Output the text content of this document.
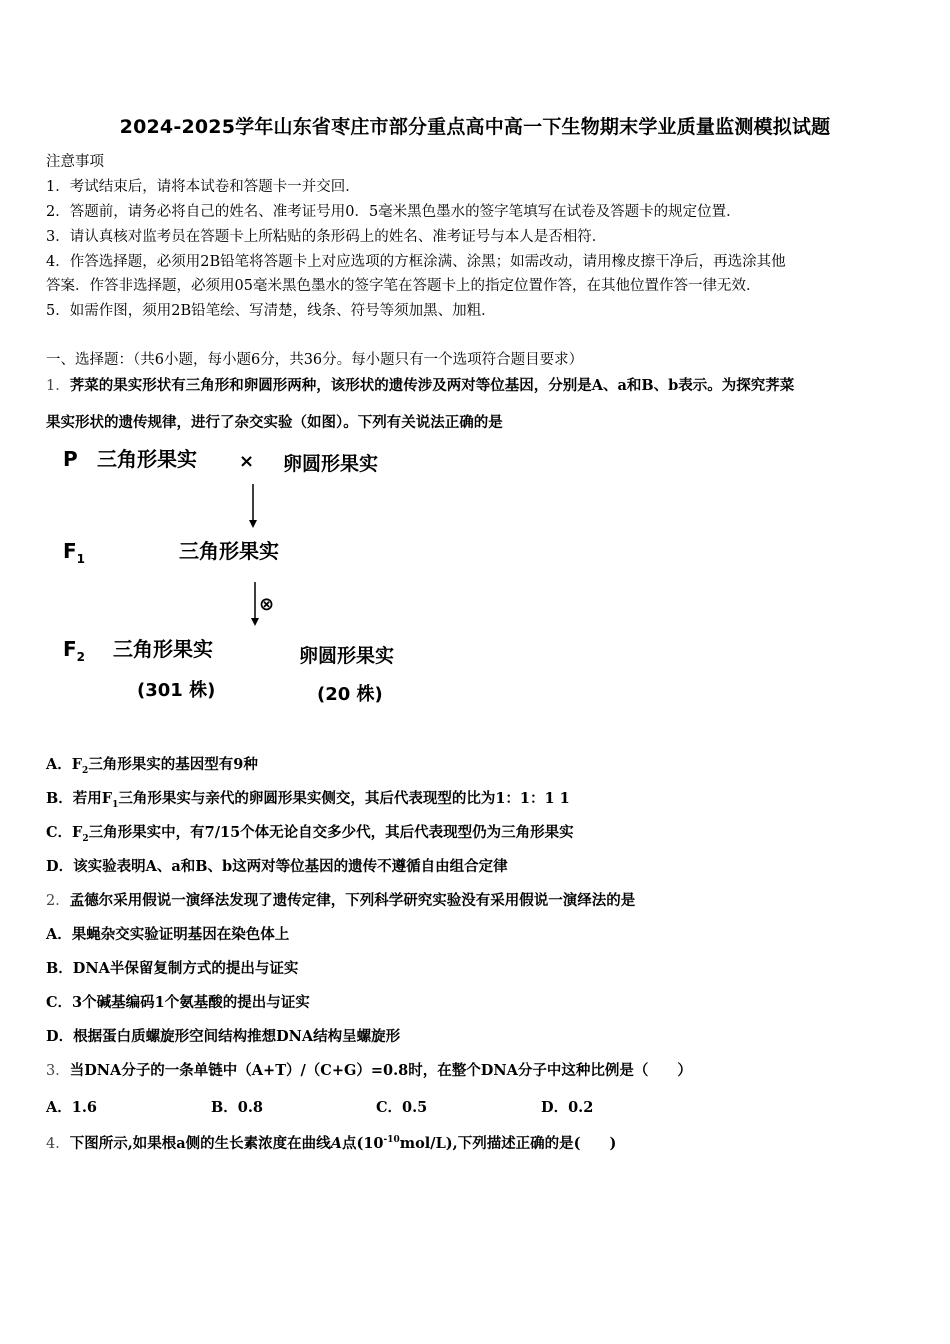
2024-2025学年山东省枣庄市部分重点高中高一下生物期末学业质量监测模拟试题
注意事项
1．考试结束后，请将本试卷和答题卡一并交回．
2．答题前，请务必将自己的姓名、准考证号用0．5毫米黑色墨水的签字笔填写在试卷及答题卡的规定位置．
3．请认真核对监考员在答题卡上所粘贴的条形码上的姓名、准考证号与本人是否相符．
4．作答选择题，必须用2B铅笔将答题卡上对应选项的方框涂满、涂黑；如需改动，请用橡皮擦干净后，再选涂其他
答案．作答非选择题，必须用05毫米黑色墨水的签字笔在答题卡上的指定位置作答，在其他位置作答一律无效．
5．如需作图，须用2B铅笔绘、写清楚，线条、符号等须加黑、加粗．
一、选择题：（共6小题，每小题6分，共36分。每小题只有一个选项符合题目要求）
1．荠菜的果实形状有三角形和卵圆形两种，该形状的遗传涉及两对等位基因，分别是A、a和B、b表示。为探究荠菜
果实形状的遗传规律，进行了杂交实验（如图）。下列有关说法正确的是
P 三角形果实 × 卵圆形果实
$F_1$	三角形果实
⊗
$F_2$ 三角形果实
(301 株)
卵圆形果实
(20 株)
A．$F_2$三角形果实的基因型有9种
B．若用$F_1$三角形果实与亲代的卵圆形果实侧交，其后代表现型的比为1：1：1 1
C．$F_2$三角形果实中，有7/15个体无论自交多少代，其后代表现型仍为三角形果实
D．该实验表明A、a和B、b这两对等位基因的遗传不遵循自由组合定律
2．孟德尔采用假说一演绎法发现了遗传定律，下列科学研究实验没有采用假说一演绎法的是
A．果蝇杂交实验证明基因在染色体上
B．DNA半保留复制方式的提出与证实
C．3个碱基编码1个氨基酸的提出与证实
D．根据蛋白质螺旋形空间结构推想DNA结构呈螺旋形
3．当DNA分子的一条单链中（A+T）/（C+G）=0.8时，在整个DNA分子中这种比例是（　　）
A．1.6	B．0.8	C．0.5	D．0.2
4．下图所示,如果根a侧的生长素浓度在曲线A点$(10^{-10}mol/L)$,下列描述正确的是(　　)
